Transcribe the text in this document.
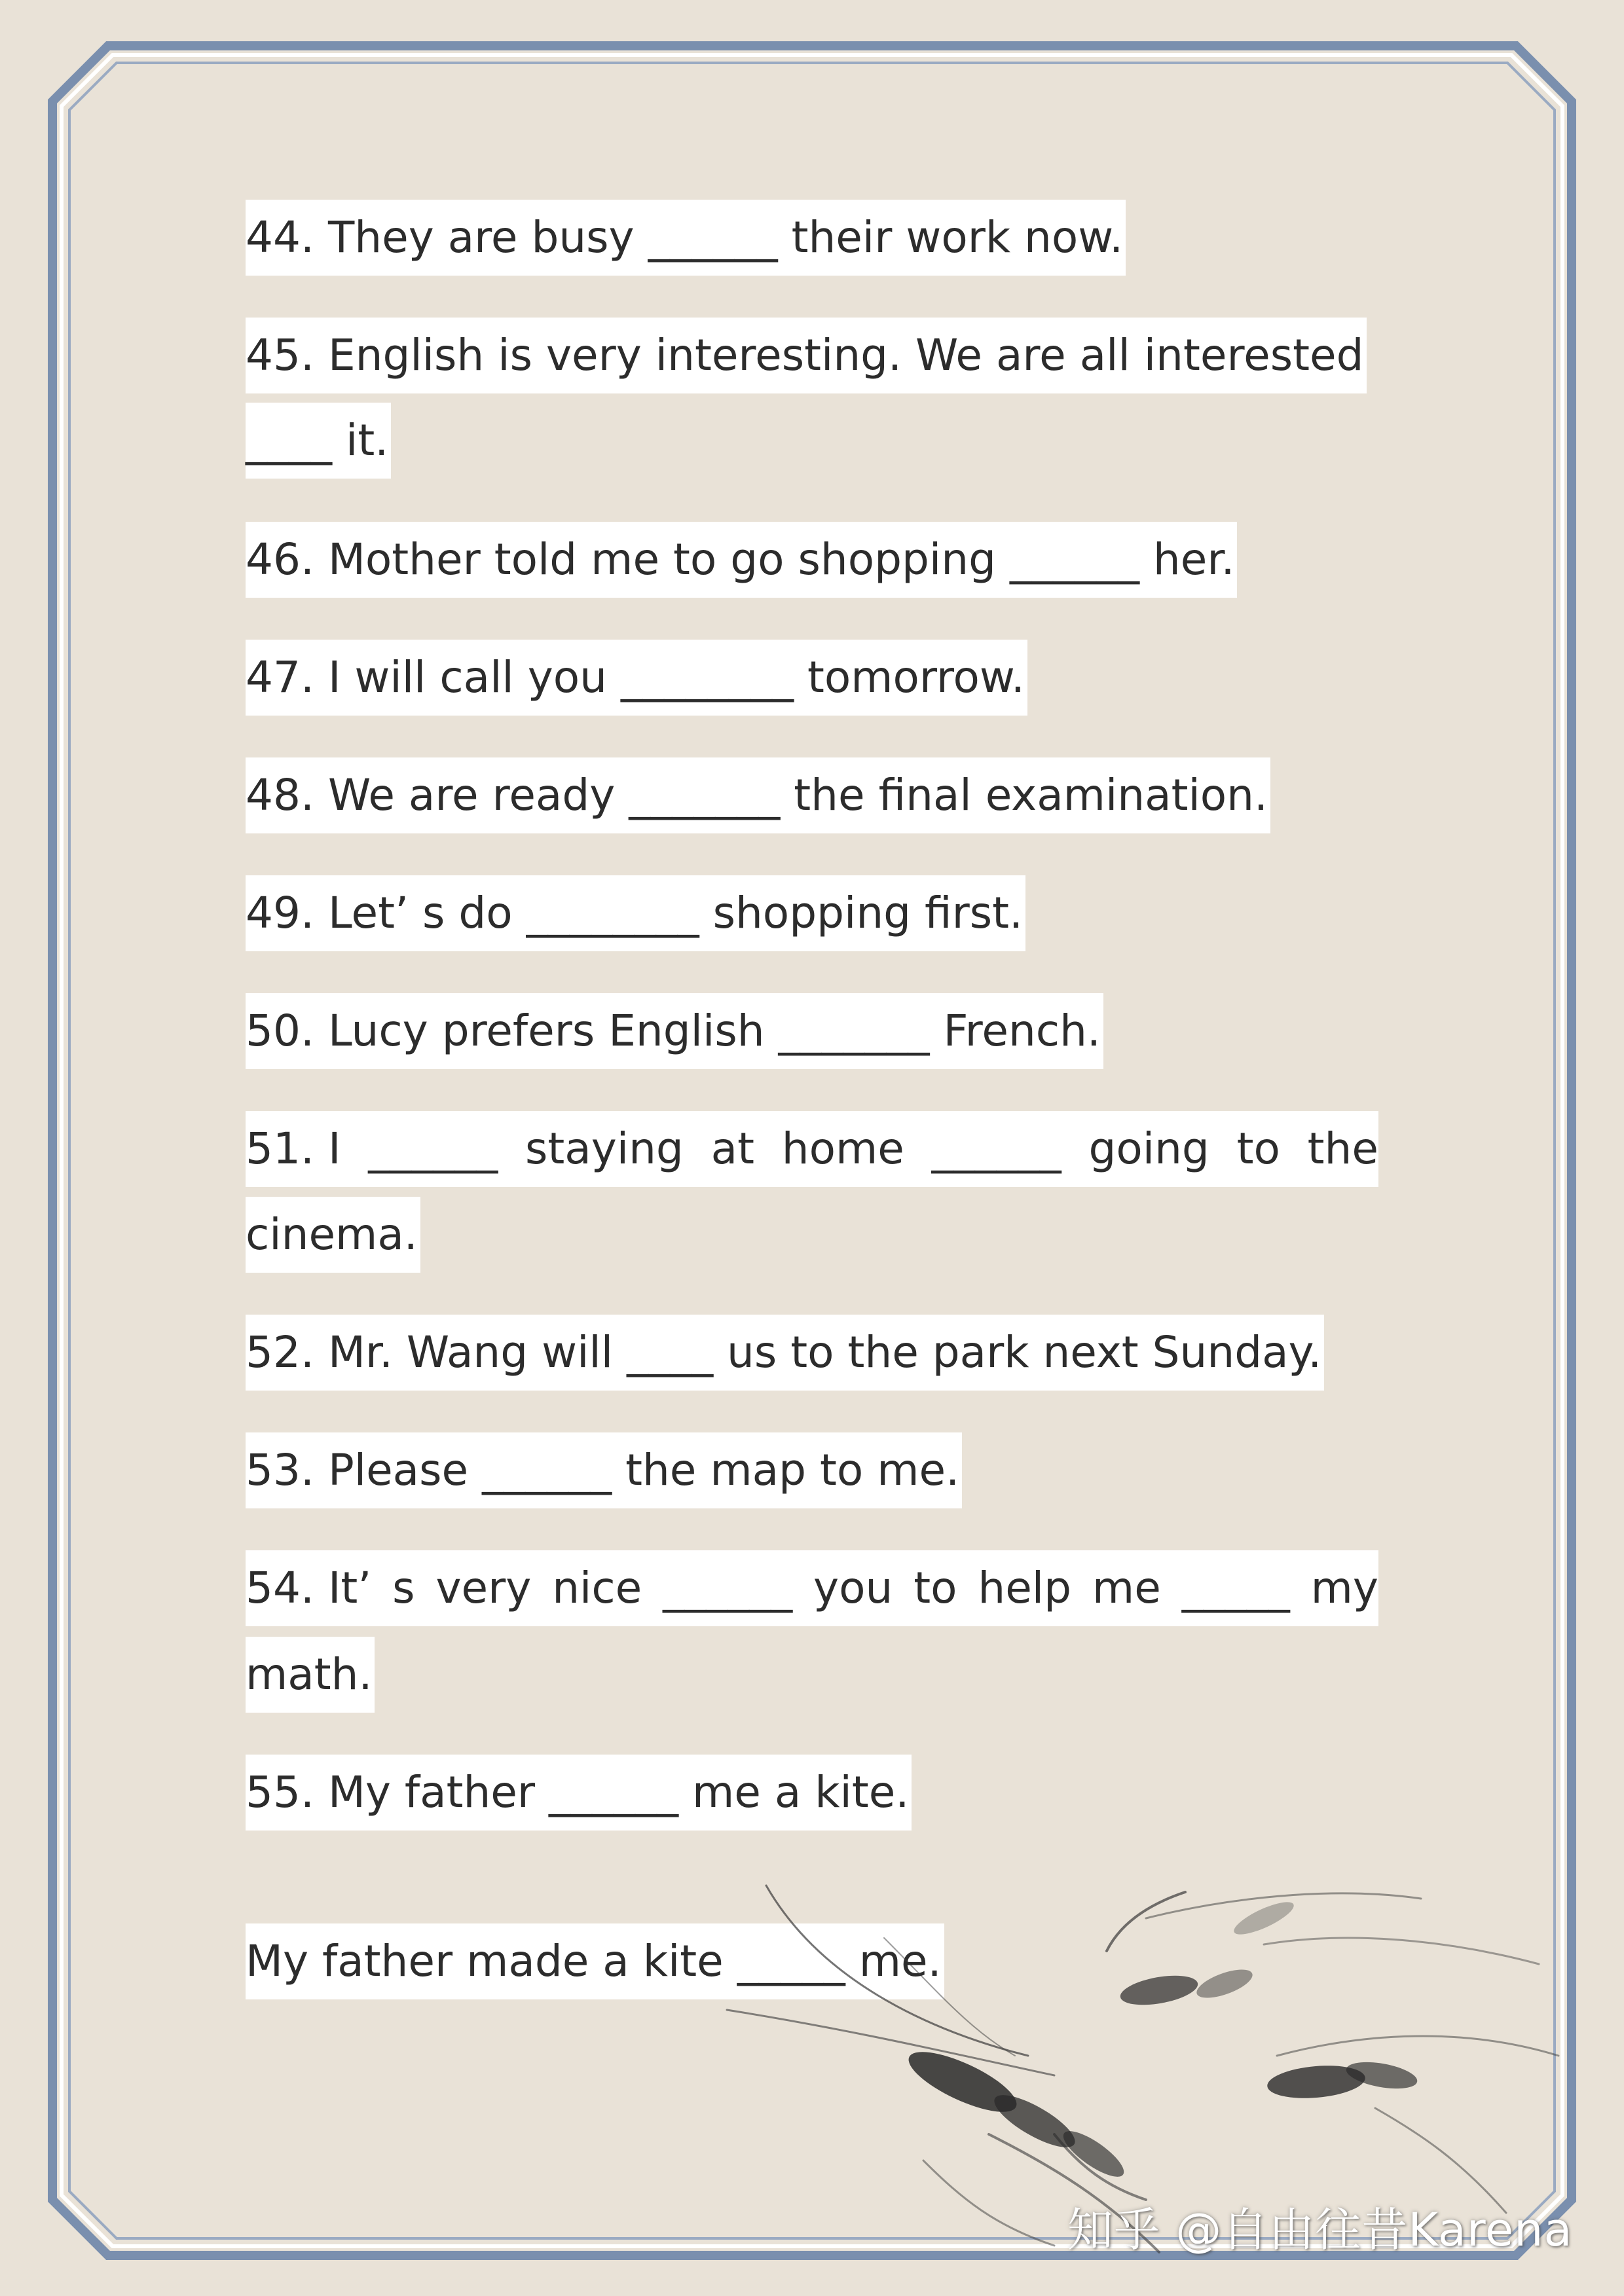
44. They are busy ______ their work now.
45. English is very interesting. We are all interested
____ it.
46. Mother told me to go shopping ______ her.
47. I will call you ________ tomorrow.
48. We are ready _______ the final examination.
49. Let’ s do ________ shopping first.
50. Lucy prefers English _______ French.
51. I ______ staying at home ______ going to the
cinema.
52. Mr. Wang will ____ us to the park next Sunday.
53. Please ______ the map to me.
54. It’ s very nice ______ you to help me _____ my
math.
55. My father ______ me a kite.
My father made a kite _____ me.
知乎 @自由往昔Karena
